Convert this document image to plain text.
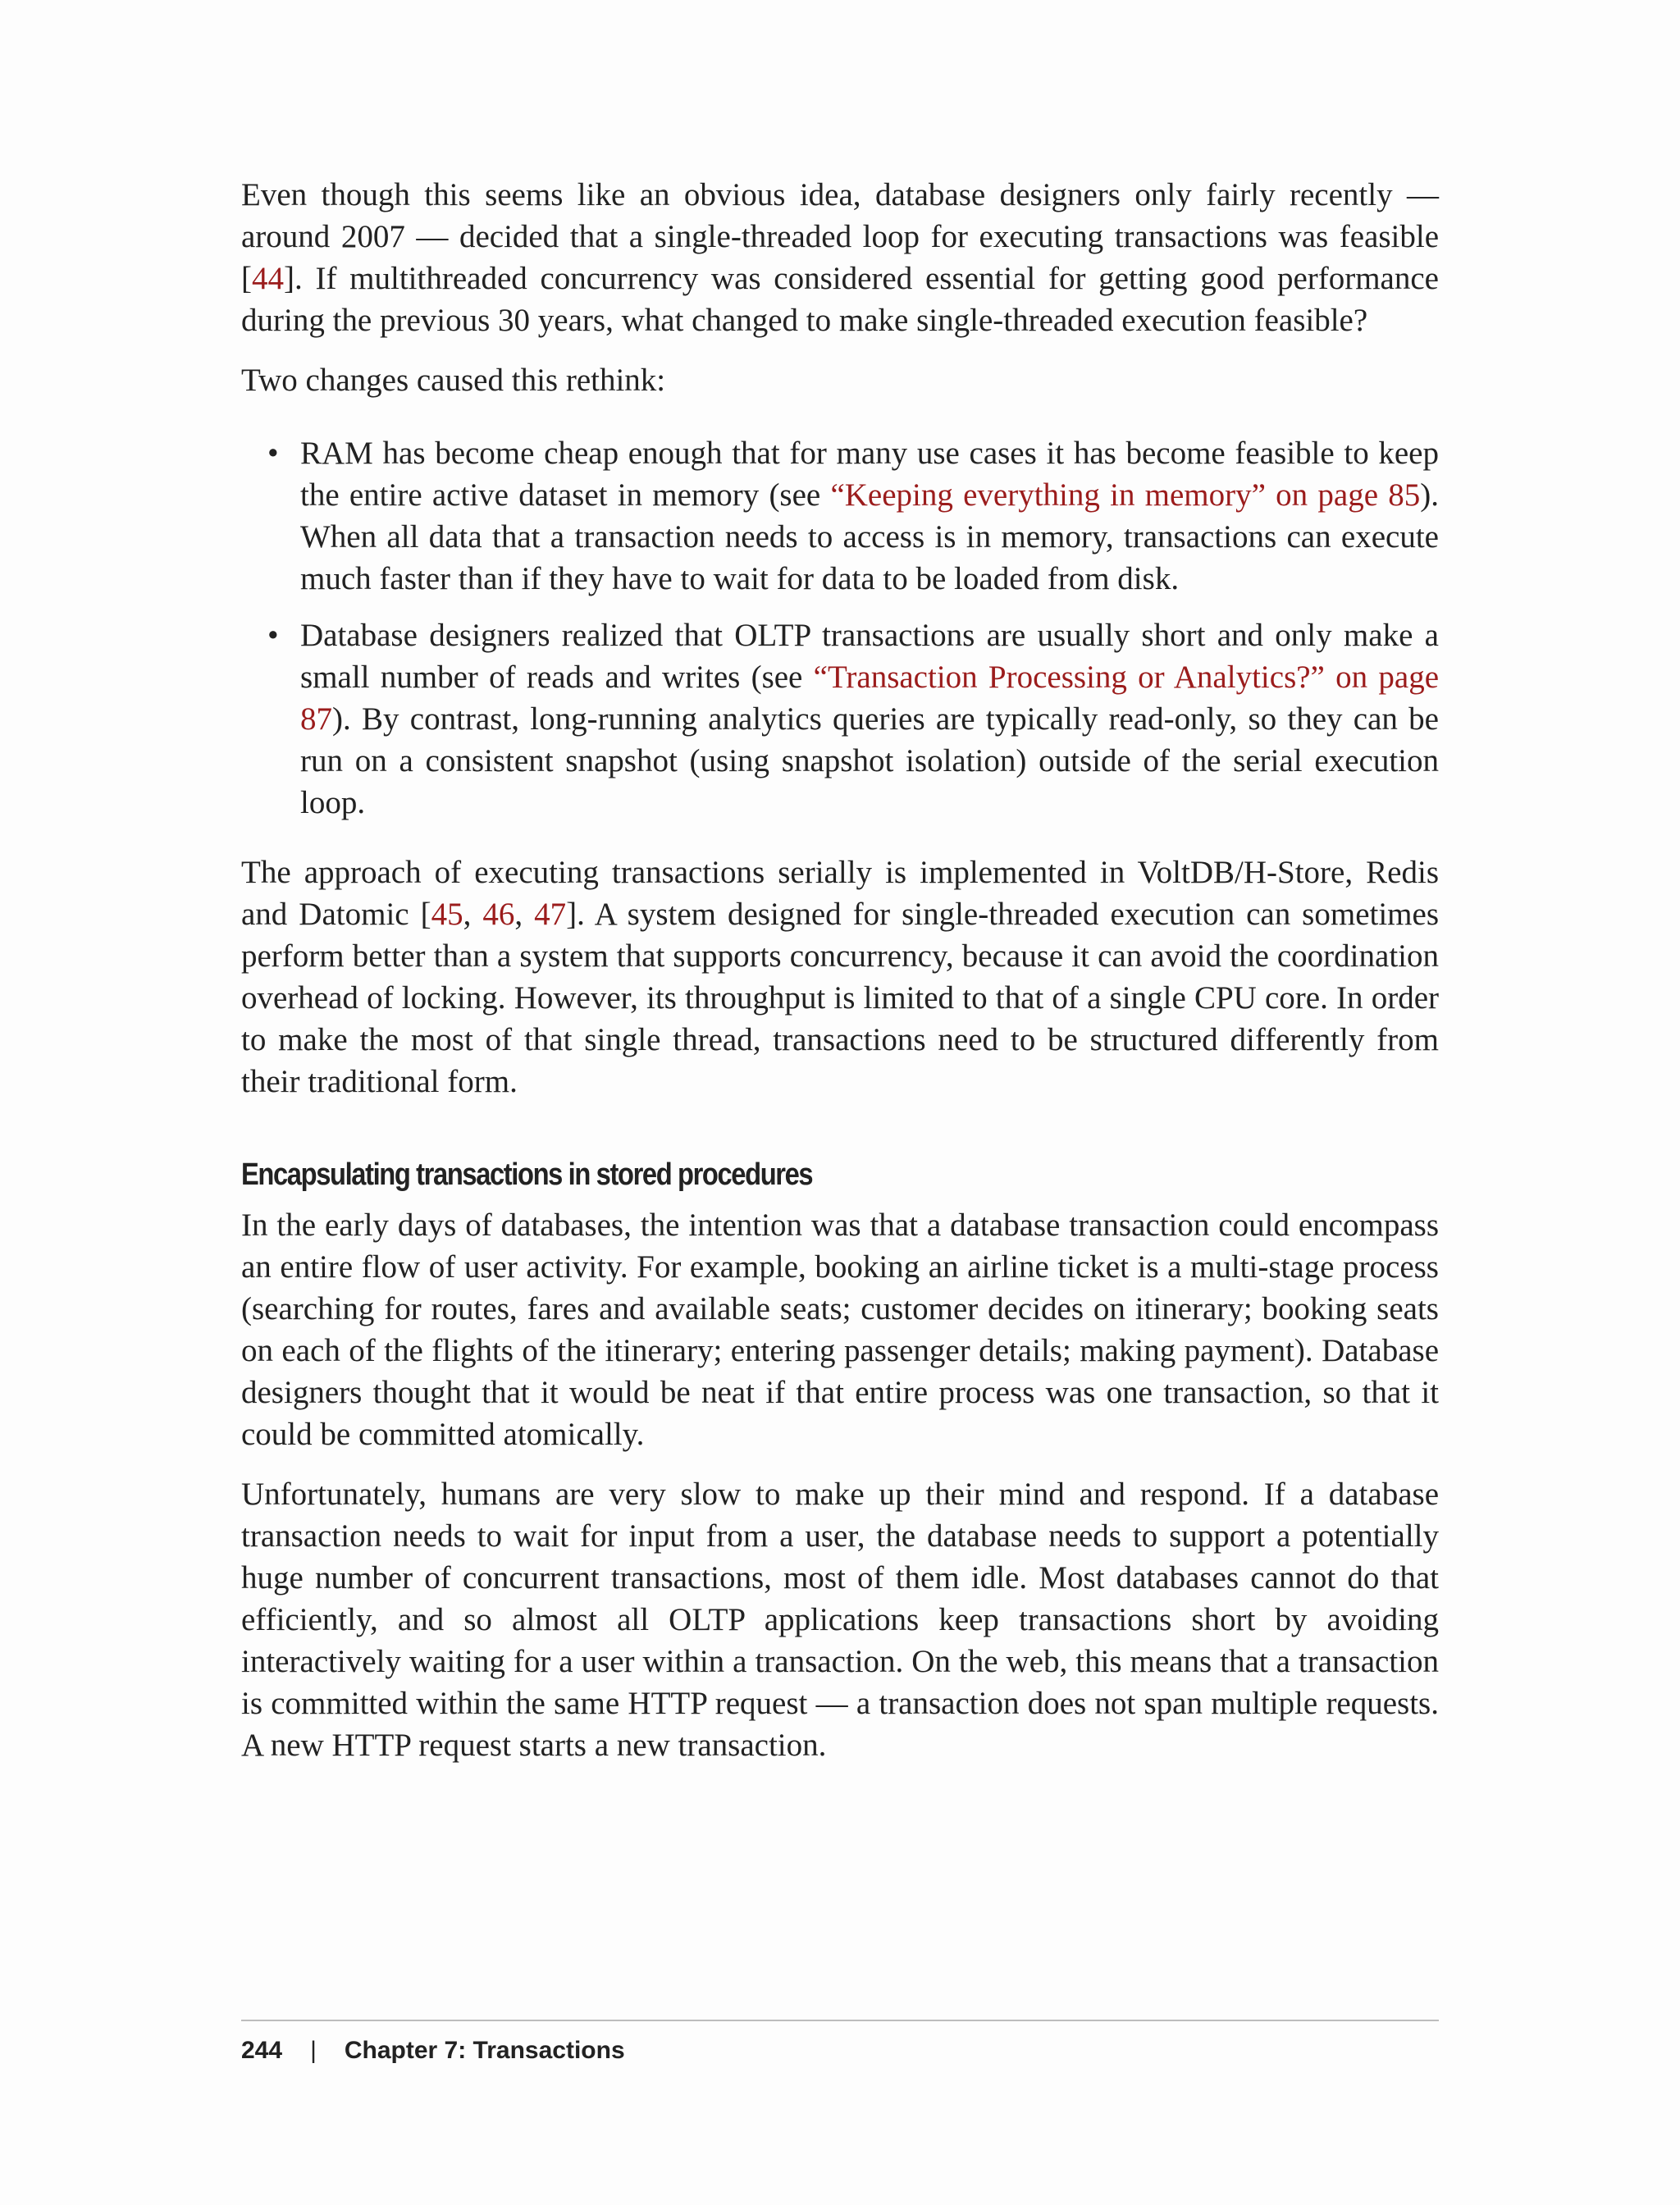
Even though this seems like an obvious idea, database designers only fairly recently — around 2007 — decided that a single-threaded loop for executing transactions was feasible [44]. If multithreaded concurrency was considered essential for getting good performance during the previous 30 years, what changed to make single-threaded execution feasible?

Two changes caused this rethink:

• RAM has become cheap enough that for many use cases it has become feasible to keep the entire active dataset in memory (see “Keeping everything in memory” on page 85). When all data that a transaction needs to access is in memory, transactions can execute much faster than if they have to wait for data to be loaded from disk.

• Database designers realized that OLTP transactions are usually short and only make a small number of reads and writes (see “Transaction Processing or Analytics?” on page 87). By contrast, long-running analytics queries are typically read-only, so they can be run on a consistent snapshot (using snapshot isolation) outside of the serial execution loop.

The approach of executing transactions serially is implemented in VoltDB/H-Store, Redis and Datomic [45, 46, 47]. A system designed for single-threaded execution can sometimes perform better than a system that supports concurrency, because it can avoid the coordination overhead of locking. However, its throughput is limited to that of a single CPU core. In order to make the most of that single thread, transactions need to be structured differently from their traditional form.

Encapsulating transactions in stored procedures

In the early days of databases, the intention was that a database transaction could encompass an entire flow of user activity. For example, booking an airline ticket is a multi-stage process (searching for routes, fares and available seats; customer decides on itinerary; booking seats on each of the flights of the itinerary; entering passenger details; making payment). Database designers thought that it would be neat if that entire process was one transaction, so that it could be committed atomically.

Unfortunately, humans are very slow to make up their mind and respond. If a database transaction needs to wait for input from a user, the database needs to support a potentially huge number of concurrent transactions, most of them idle. Most databases cannot do that efficiently, and so almost all OLTP applications keep transactions short by avoiding interactively waiting for a user within a transaction. On the web, this means that a transaction is committed within the same HTTP request — a transaction does not span multiple requests. A new HTTP request starts a new transaction.

244 | Chapter 7: Transactions
